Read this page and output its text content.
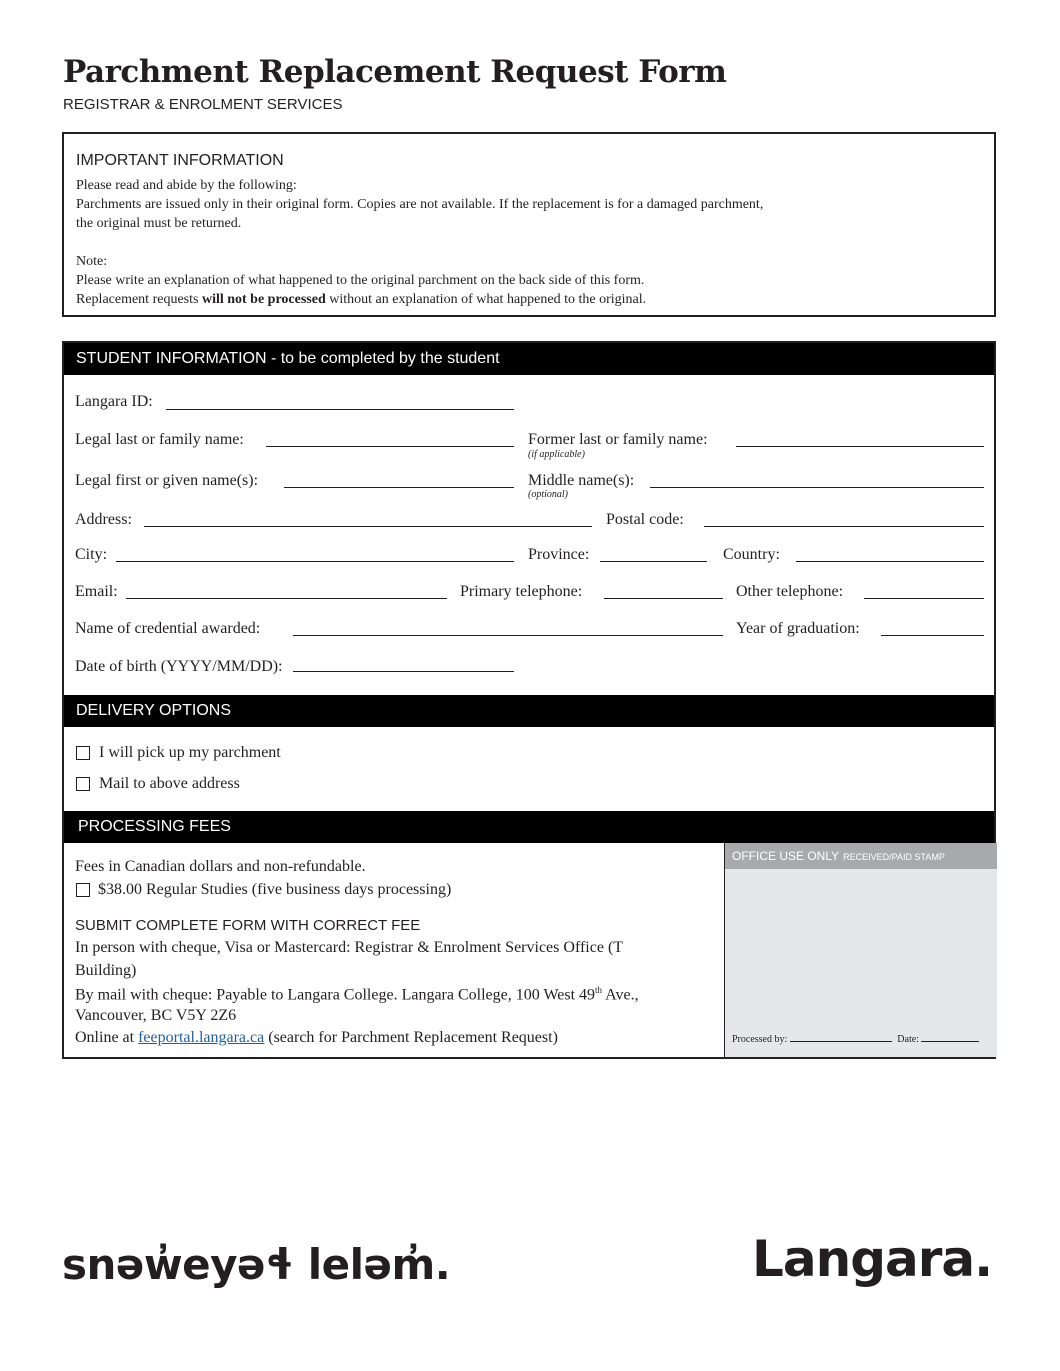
Parchment Replacement Request Form
REGISTRAR & ENROLMENT SERVICES
IMPORTANT INFORMATION

Please read and abide by the following:

Parchments are issued only in their original form. Copies are not available. If the replacement is for a damaged parchment,

the original must be returned.

Note:

Please write an explanation of what happened to the original parchment on the back side of this form.

Replacement requests will not be processed without an explanation of what happened to the original.

STUDENT INFORMATION - to be completed by the student
Langara ID:
Legal last or family name:	Former last or family name:
(if applicable)
Legal first or given name(s):	Middle name(s):
(optional)
Address:	Postal code:
City:	Province:	Country:
Email:	Primary telephone:	Other telephone:
Name of credential awarded:	Year of graduation:
Date of birth (YYYY/MM/DD):
DELIVERY OPTIONS
I will pick up my parchment
Mail to above address
PROCESSING FEES
Fees in Canadian dollars and non-refundable.
$38.00 Regular Studies (five business days processing)
SUBMIT COMPLETE FORM WITH CORRECT FEE
In person with cheque, Visa or Mastercard: Registrar & Enrolment Services Office (T
Building)
By mail with cheque: Payable to Langara College. Langara College, 100 West 49th Ave.,
Vancouver, BC V5Y 2Z6
Online at feeportal.langara.ca (search for Parchment Replacement Request)
OFFICE USE ONLY RECEIVED/PAID STAMP
Processed by:	Date:
snəw̓eyəɬ leləm̓.	Langara.
